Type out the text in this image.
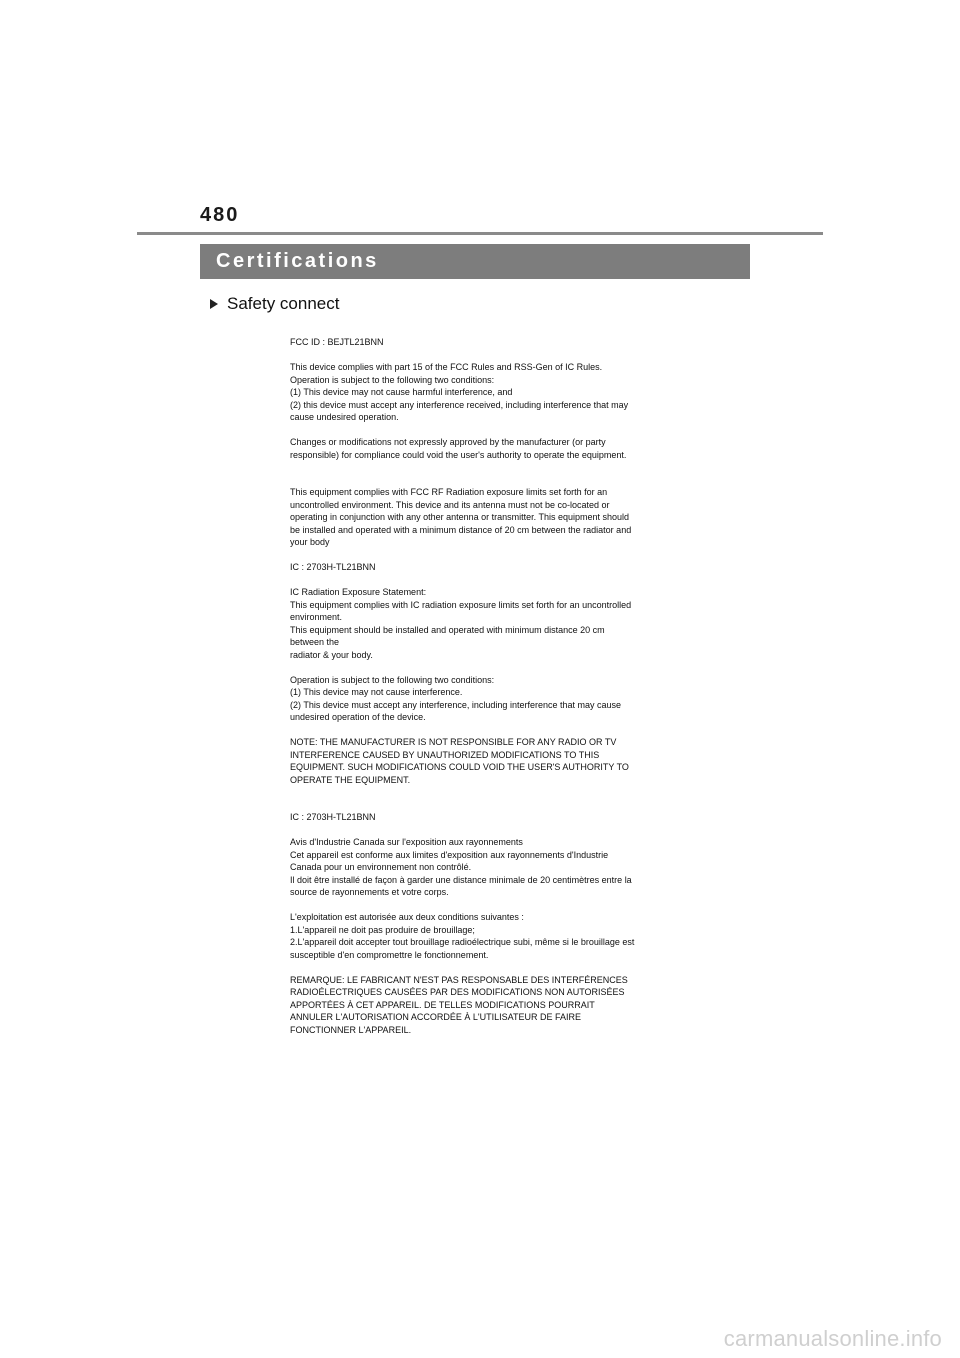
480
Certifications
Safety connect

FCC ID : BEJTL21BNN

This device complies with part 15 of the FCC Rules and RSS-Gen of IC Rules.
Operation is subject to the following two conditions:
(1) This device may not cause harmful interference, and
(2) this device must accept any interference received, including interference that may
cause undesired operation.

Changes or modifications not expressly approved by the manufacturer (or party
responsible) for compliance could void the user's authority to operate the equipment.

This equipment complies with FCC RF Radiation exposure limits set forth for an
uncontrolled environment. This device and its antenna must not be co-located or
operating in conjunction with any other antenna or transmitter. This equipment should
be installed and operated with a minimum distance of 20 cm between the radiator and
your body

IC : 2703H-TL21BNN

IC Radiation Exposure Statement:
This equipment complies with IC radiation exposure limits set forth for an uncontrolled
environment.
This equipment should be installed and operated with minimum distance 20 cm
between the
radiator & your body.

Operation is subject to the following two conditions:
(1) This device may not cause interference.
(2) This device must accept any interference, including interference that may cause
undesired operation of the device.

NOTE: THE MANUFACTURER IS NOT RESPONSIBLE FOR ANY RADIO OR TV
INTERFERENCE CAUSED BY UNAUTHORIZED MODIFICATIONS TO THIS
EQUIPMENT. SUCH MODIFICATIONS COULD VOID THE USER'S AUTHORITY TO
OPERATE THE EQUIPMENT.

IC : 2703H-TL21BNN

Avis d'Industrie Canada sur l'exposition aux rayonnements
Cet appareil est conforme aux limites d'exposition aux rayonnements d'Industrie
Canada pour un environnement non contrôlé.
Il doit être installé de façon à garder une distance minimale de 20 centimètres entre la
source de rayonnements et votre corps.

L'exploitation est autorisée aux deux conditions suivantes :
1.L'appareil ne doit pas produire de brouillage;
2.L'appareil doit accepter tout brouillage radioélectrique subi, même si le brouillage est
susceptible d'en compromettre le fonctionnement.

REMARQUE: LE FABRICANT N'EST PAS RESPONSABLE DES INTERFÉRENCES
RADIOÉLECTRIQUES CAUSÉES PAR DES MODIFICATIONS NON AUTORISÉES
APPORTÉES À CET APPAREIL. DE TELLES MODIFICATIONS POURRAIT
ANNULER L'AUTORISATION ACCORDÉE À L'UTILISATEUR DE FAIRE
FONCTIONNER L'APPAREIL.

carmanualsonline.info
